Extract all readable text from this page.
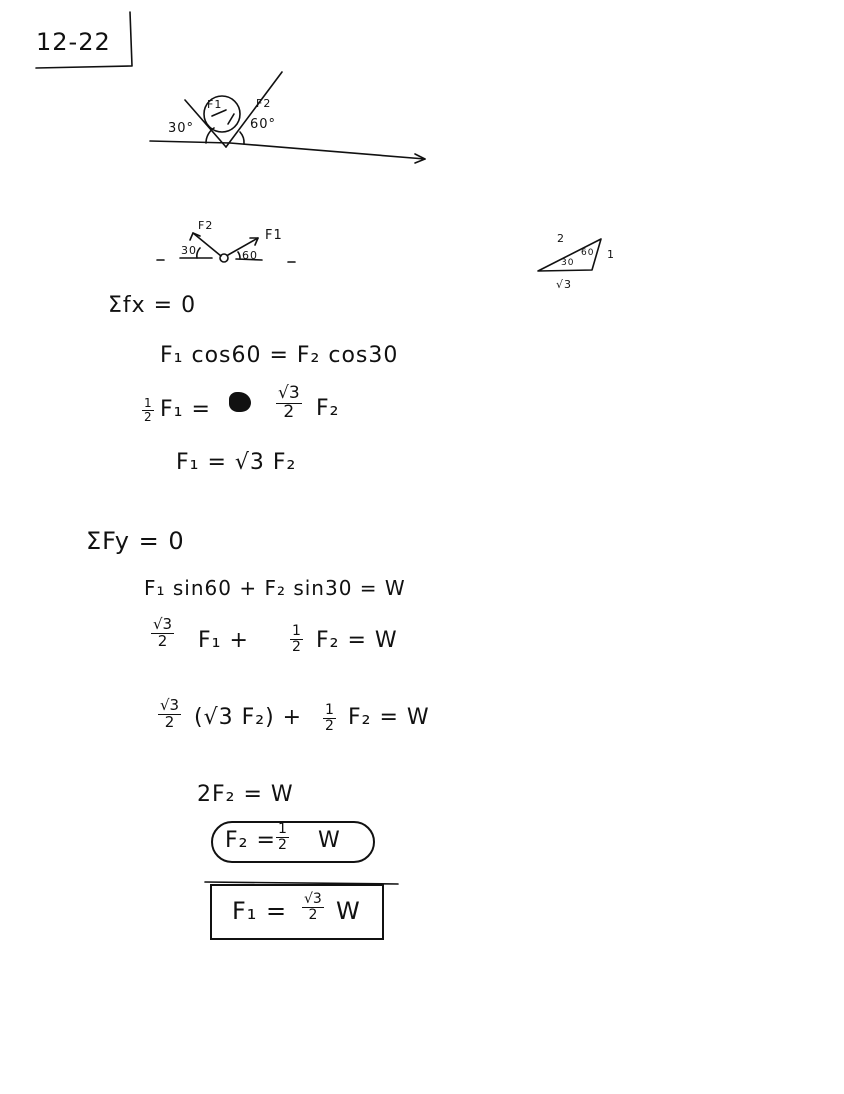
12-22
30°	60°
F1	F2
F2
F1
30	60
2
1
√3
30
60
Σfx = 0
F₁ cos60 = F₂ cos30
$\frac{1}{2} F_1$ =	$\frac{√3}{2} F_2$
F₁ = √3 F₂
ΣFy = 0
F₁ sin60 + F₂ sin30 = W
$\frac{√3}{2} F_1$ +	$\frac{1}{2} F_2 = W$
$\frac{√3}{2} (√3$ $F_2) + \frac{1}{2} F_2 = W$
2F₂ = W
$F_2 = \frac{1}{2}$ W
$F_1 = \frac{√3}{2}$ W
